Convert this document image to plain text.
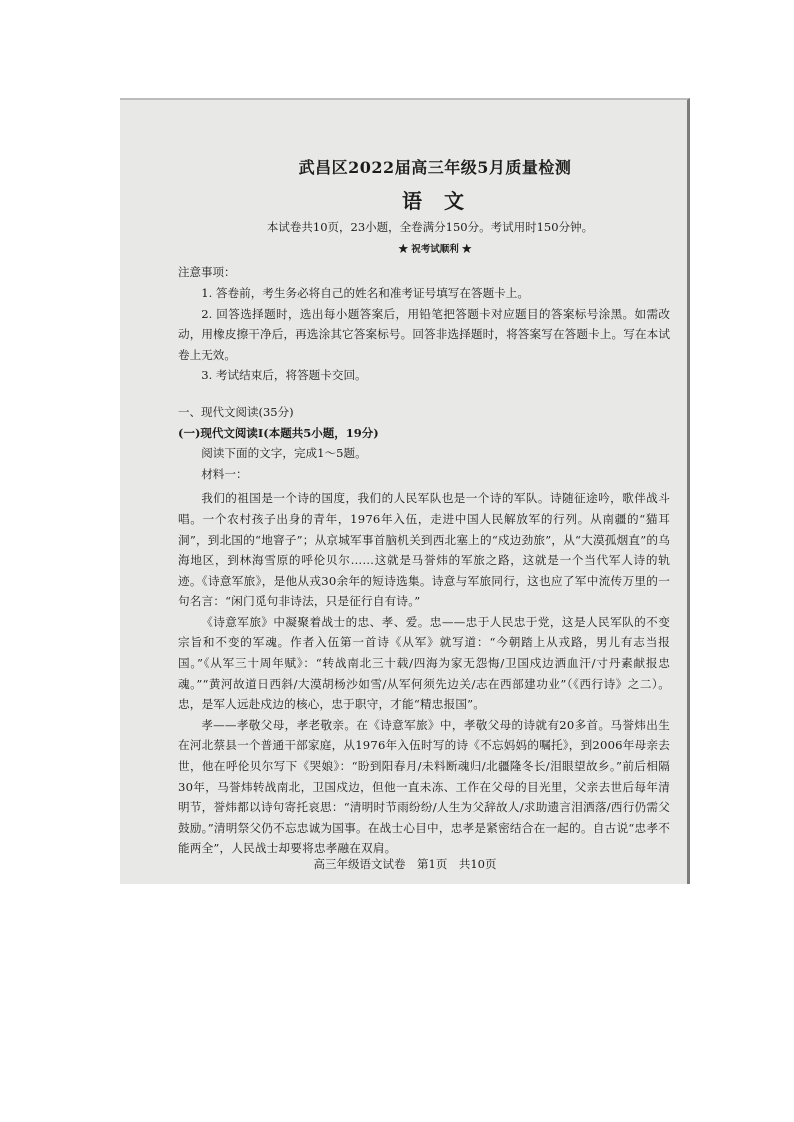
武昌区2022届高三年级5月质量检测
语文
本试卷共10页，23小题，全卷满分150分。考试用时150分钟。
★ 祝考试顺利 ★
注意事项：
1. 答卷前，考生务必将自己的姓名和准考证号填写在答题卡上。
2. 回答选择题时，选出每小题答案后，用铅笔把答题卡对应题目的答案标号涂黑。如需改动，用橡皮擦干净后，再选涂其它答案标号。回答非选择题时，将答案写在答题卡上。写在本试卷上无效。
3. 考试结束后，将答题卡交回。
一、现代文阅读(35分)
(一)现代文阅读Ⅰ(本题共5小题，19分)
阅读下面的文字，完成1～5题。
材料一：
我们的祖国是一个诗的国度，我们的人民军队也是一个诗的军队。诗随征途吟，歌伴战斗唱。一个农村孩子出身的青年，1976年入伍，走进中国人民解放军的行列。从南疆的“猫耳洞”，到北国的“地窨子”；从京城军事首脑机关到西北塞上的“戍边劲旅”，从“大漠孤烟直”的乌海地区，到林海雪原的呼伦贝尔……这就是马誉炜的军旅之路，这就是一个当代军人诗的轨迹。《诗意军旅》，是他从戎30余年的短诗选集。诗意与军旅同行，这也应了军中流传万里的一句名言：“闲门觅句非诗法，只是征行自有诗。”
《诗意军旅》中凝聚着战士的忠、孝、爱。忠——忠于人民忠于党，这是人民军队的不变宗旨和不变的军魂。作者入伍第一首诗《从军》就写道：“今朝踏上从戎路，男儿有志当报国。”《从军三十周年赋》：“转战南北三十载/四海为家无怨悔/卫国戍边洒血汗/寸丹素献报忠魂。”“黄河故道日西斜/大漠胡杨沙如雪/从军何须先边关/志在西部建功业”（《西行诗》之二）。忠，是军人远赴戍边的核心，忠于职守，才能“精忠报国”。
孝——孝敬父母，孝老敬亲。在《诗意军旅》中，孝敬父母的诗就有20多首。马誉炜出生在河北蔡县一个普通干部家庭，从1976年入伍时写的诗《不忘妈妈的嘱托》，到2006年母亲去世，他在呼伦贝尔写下《哭娘》：“盼到阳春月/未料断魂归/北疆隆冬长/泪眼望故乡。”前后相隔30年，马誉炜转战南北，卫国戍边，但他一直未冻、工作在父母的目光里，父亲去世后每年清明节，誉炜都以诗句寄托哀思：“清明时节雨纷纷/人生为父辞故人/求助遗言泪洒落/西行仍需父鼓励。”清明祭父仍不忘忠诚为国事。在战士心目中，忠孝是紧密结合在一起的。自古说“忠孝不能两全”，人民战士却要将忠孝融在双肩。
高三年级语文试卷　第1页　共10页
